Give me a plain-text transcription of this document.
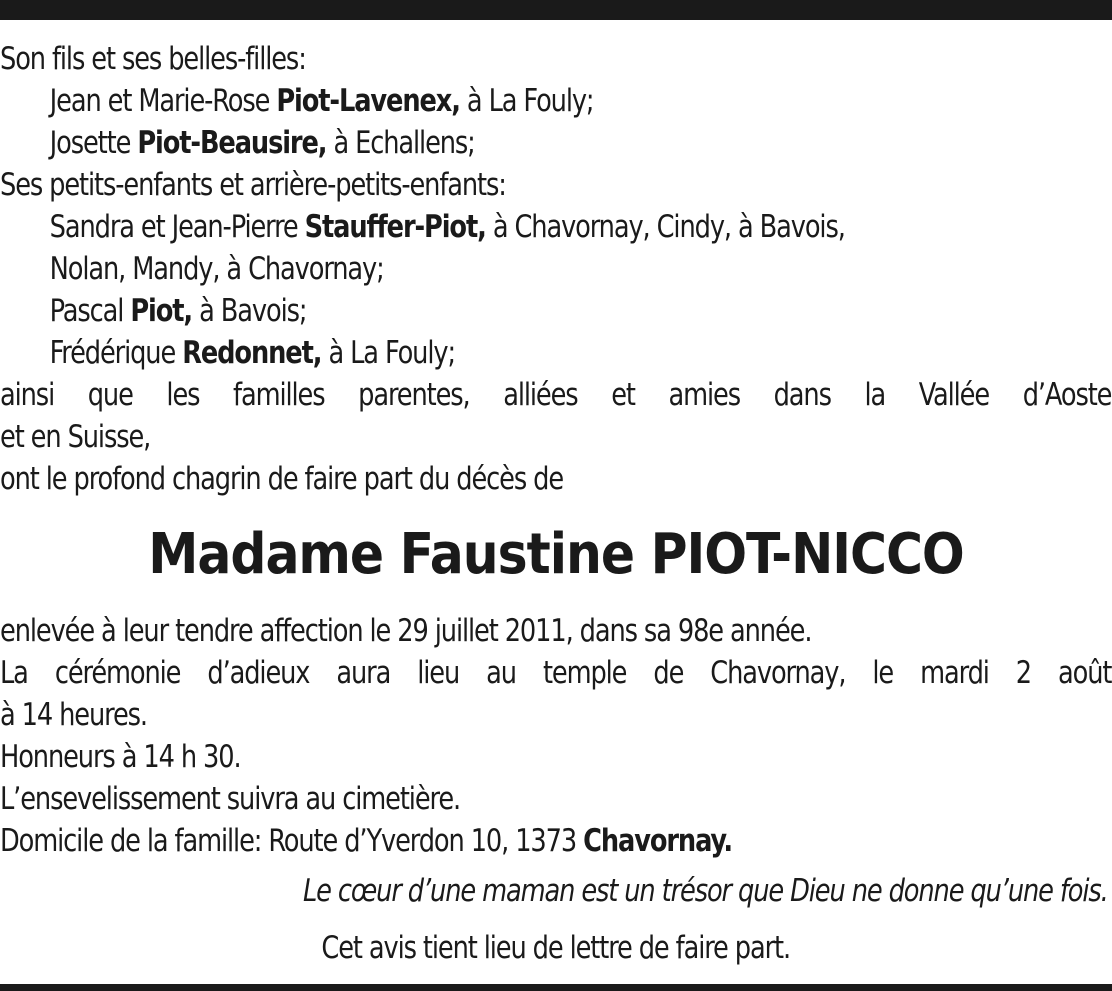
Son fils et ses belles-filles:
Jean et Marie-Rose Piot-Lavenex, à La Fouly;
Josette Piot-Beausire, à Echallens;
Ses petits-enfants et arrière-petits-enfants:
Sandra et Jean-Pierre Stauffer-Piot, à Chavornay, Cindy, à Bavois,
Nolan, Mandy, à Chavornay;
Pascal Piot, à Bavois;
Frédérique Redonnet, à La Fouly;
ainsi que les familles parentes, alliées et amies dans la Vallée d’Aoste
et en Suisse,
ont le profond chagrin de faire part du décès de
Madame Faustine PIOT-NICCO
enlevée à leur tendre affection le 29 juillet 2011, dans sa 98e année.
La cérémonie d’adieux aura lieu au temple de Chavornay, le mardi 2 août
à 14 heures.
Honneurs à 14 h 30.
L’ensevelissement suivra au cimetière.
Domicile de la famille: Route d’Yverdon 10, 1373 Chavornay.
Le cœur d’une maman est un trésor que Dieu ne donne qu’une fois.
Cet avis tient lieu de lettre de faire part.
